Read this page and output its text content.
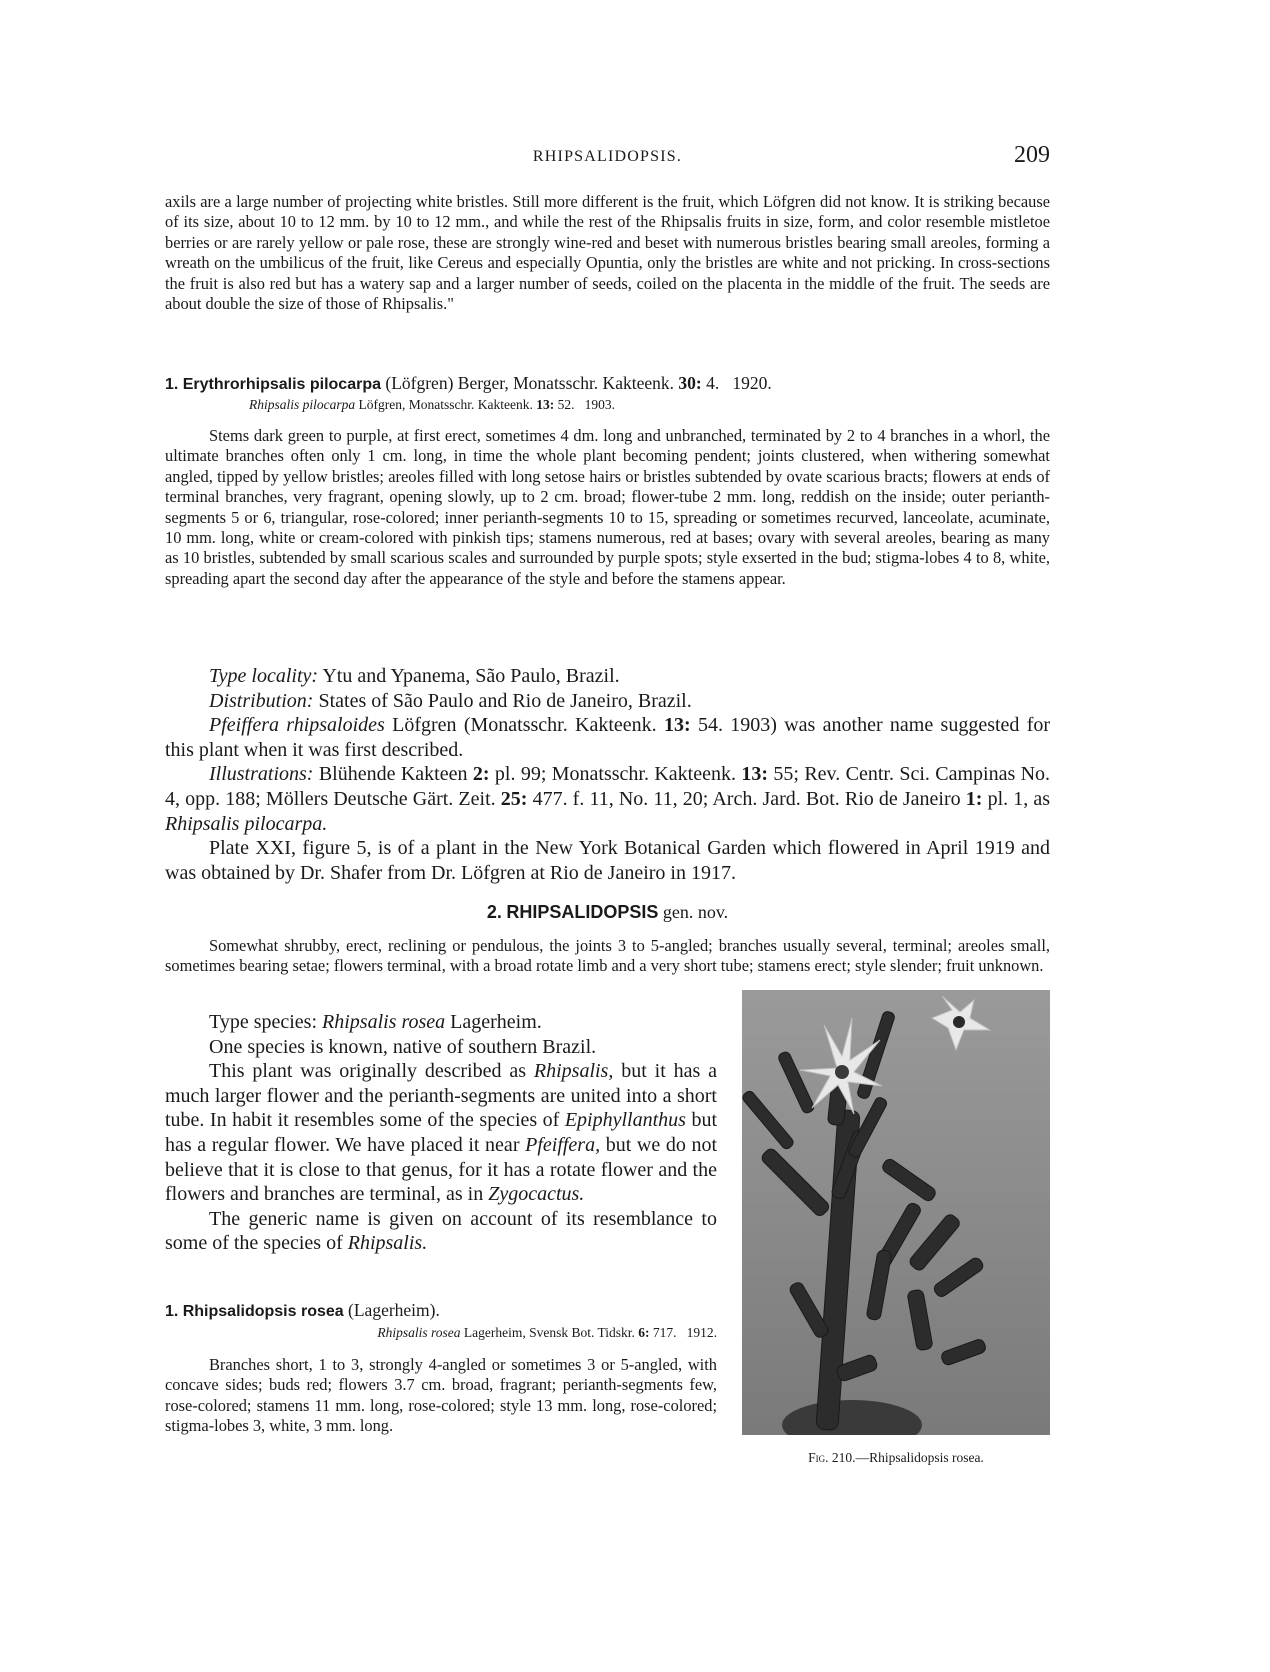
RHIPSALIDOPSIS.	209

axils are a large number of projecting white bristles. Still more different is the fruit, which Löfgren did not know. It is striking because of its size, about 10 to 12 mm. by 10 to 12 mm., and while the rest of the Rhipsalis fruits in size, form, and color resemble mistletoe berries or are rarely yellow or pale rose, these are strongly wine-red and beset with numerous bristles bearing small areoles, forming a wreath on the umbilicus of the fruit, like Cereus and especially Opuntia, only the bristles are white and not pricking. In cross-sections the fruit is also red but has a watery sap and a larger number of seeds, coiled on the placenta in the middle of the fruit. The seeds are about double the size of those of Rhipsalis."

1. Erythrorhipsalis pilocarpa (Löfgren) Berger, Monatsschr. Kakteenk. 30: 4.   1920.
Rhipsalis pilocarpa Löfgren, Monatsschr. Kakteenk. 13: 52.   1903.

Stems dark green to purple, at first erect, sometimes 4 dm. long and unbranched, terminated by 2 to 4 branches in a whorl, the ultimate branches often only 1 cm. long, in time the whole plant becoming pendent; joints clustered, when withering somewhat angled, tipped by yellow bristles; areoles filled with long setose hairs or bristles subtended by ovate scarious bracts; flowers at ends of terminal branches, very fragrant, opening slowly, up to 2 cm. broad; flower-tube 2 mm. long, reddish on the inside; outer perianth-segments 5 or 6, triangular, rose-colored; inner perianth-segments 10 to 15, spreading or sometimes recurved, lanceolate, acuminate, 10 mm. long, white or cream-colored with pinkish tips; stamens numerous, red at bases; ovary with several areoles, bearing as many as 10 bristles, subtended by small scarious scales and surrounded by purple spots; style exserted in the bud; stigma-lobes 4 to 8, white, spreading apart the second day after the appearance of the style and before the stamens appear.

Type locality: Ytu and Ypanema, São Paulo, Brazil.

Distribution: States of São Paulo and Rio de Janeiro, Brazil.

Pfeiffera rhipsaloides Löfgren (Monatsschr. Kakteenk. 13: 54. 1903) was another name suggested for this plant when it was first described.

Illustrations: Blühende Kakteen 2: pl. 99; Monatsschr. Kakteenk. 13: 55; Rev. Centr. Sci. Campinas No. 4, opp. 188; Möllers Deutsche Gärt. Zeit. 25: 477. f. 11, No. 11, 20; Arch. Jard. Bot. Rio de Janeiro 1: pl. 1, as Rhipsalis pilocarpa.

Plate XXI, figure 5, is of a plant in the New York Botanical Garden which flowered in April 1919 and was obtained by Dr. Shafer from Dr. Löfgren at Rio de Janeiro in 1917.

2. RHIPSALIDOPSIS gen. nov.

Somewhat shrubby, erect, reclining or pendulous, the joints 3 to 5-angled; branches usually several, terminal; areoles small, sometimes bearing setae; flowers terminal, with a broad rotate limb and a very short tube; stamens erect; style slender; fruit unknown.

Type species: Rhipsalis rosea Lagerheim.

One species is known, native of southern Brazil.

This plant was originally described as Rhipsalis, but it has a much larger flower and the perianth-segments are united into a short tube. In habit it resembles some of the species of Epiphyllanthus but has a regular flower. We have placed it near Pfeiffera, but we do not believe that it is close to that genus, for it has a rotate flower and the flowers and branches are terminal, as in Zygocactus.

The generic name is given on account of its resemblance to some of the species of Rhipsalis.

1. Rhipsalidopsis rosea (Lagerheim).
Rhipsalis rosea Lagerheim, Svensk Bot. Tidskr. 6: 717.   1912.

Branches short, 1 to 3, strongly 4-angled or sometimes 3 or 5-angled, with concave sides; buds red; flowers 3.7 cm. broad, fragrant; perianth-segments few, rose-colored; stamens 11 mm. long, rose-colored; style 13 mm. long, rose-colored; stigma-lobes 3, white, 3 mm. long.

Fig. 210.—Rhipsalidopsis rosea.
